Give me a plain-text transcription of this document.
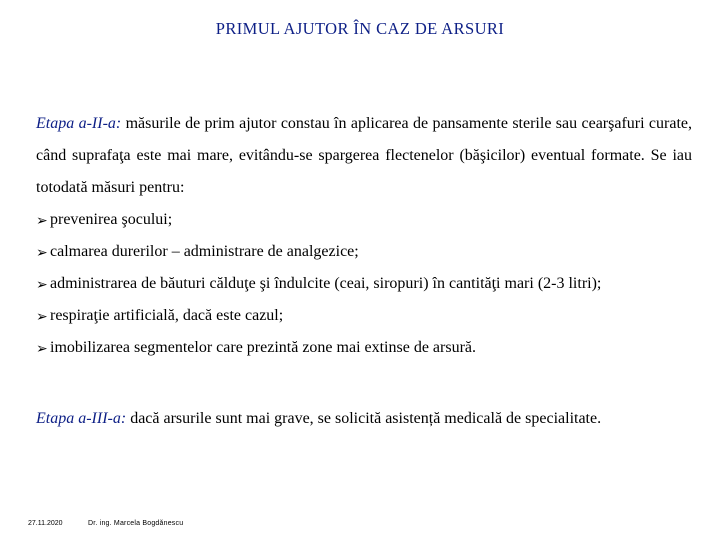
PRIMUL AJUTOR ÎN CAZ DE ARSURI

Etapa a-II-a: măsurile de prim ajutor constau în aplicarea de pansamente sterile sau cearşafuri curate, când suprafaţa este mai mare, evitându-se spargerea flectenelor (băşicilor) eventual formate. Se iau totodată măsuri pentru:

➢ prevenirea şocului;
➢ calmarea durerilor – administrare de analgezice;
➢ administrarea de băuturi călduţe şi îndulcite (ceai, siropuri) în cantităţi mari (2-3 litri);
➢ respiraţie artificială, dacă este cazul;
➢ imobilizarea segmentelor care prezintă zone mai extinse de arsură.

Etapa a-III-a: dacă arsurile sunt mai grave, se solicită asistență medicală de specialitate.

27.11.2020	Dr. ing. Marcela Bogdănescu
